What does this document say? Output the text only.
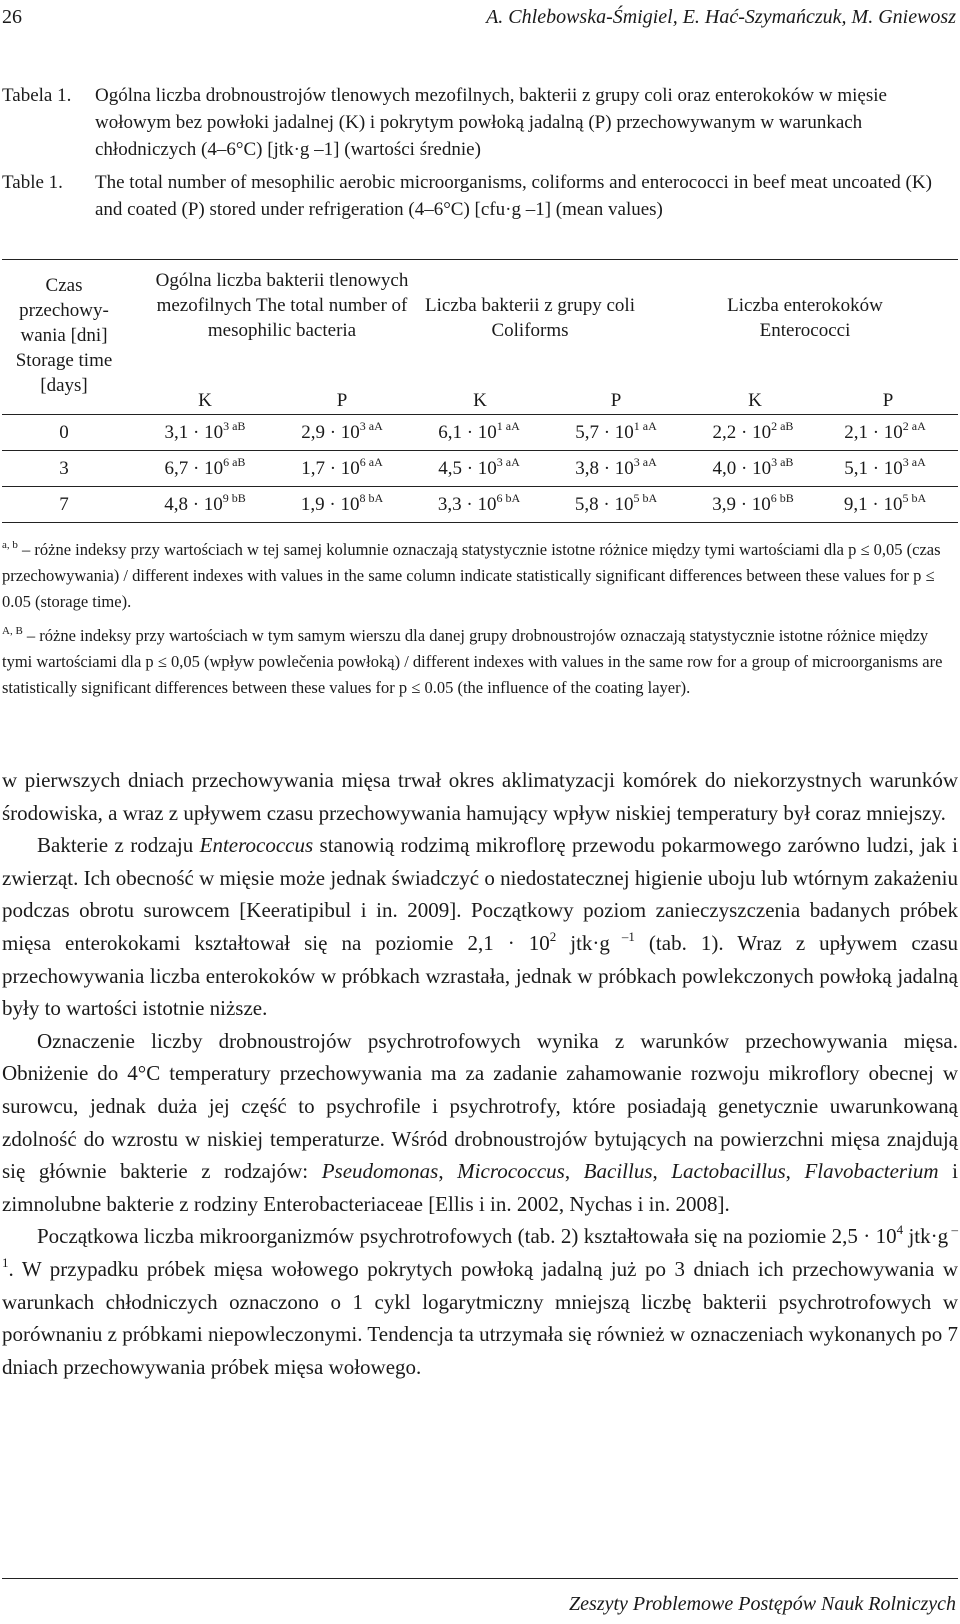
26	A. Chlebowska-Śmigiel, E. Hać-Szymańczuk, M. Gniewosz
Tabela 1. Ogólna liczba drobnoustrojów tlenowych mezofilnych, bakterii z grupy coli oraz enterokoków w mięsie wołowym bez powłoki jadalnej (K) i pokrytym powłoką jadalną (P) przechowywanym w warunkach chłodniczych (4–6°C) [jtk·g –1] (wartości średnie)
Table 1. The total number of mesophilic aerobic microorganisms, coliforms and enterococci in beef meat uncoated (K) and coated (P) stored under refrigeration (4–6°C) [cfu·g –1] (mean values)
Czas przechowy-wania [dni] Storage time [days]
Ogólna liczba bakterii tlenowych mezofilnych The total number of mesophilic bacteria
Liczba bakterii z grupy coli Coliforms
Liczba enterokoków Enterococci
K	P	K	P	K	P
0	$3,1 \cdot 10^{3 aB}$	$2,9 \cdot 10^{3 aA}$	$6,1 \cdot 10^{1 aA}$	$5,7 \cdot 10^{1 aA}$	$2,2 \cdot 10^{2 aB}$	$2,1 \cdot 10^{2 aA}$
3	$6,7 \cdot 10^{6 aB}$	$1,7 \cdot 10^{6 aA}$	$4,5 \cdot 10^{3 aA}$	$3,8 \cdot 10^{3 aA}$	$4,0 \cdot 10^{3 aB}$	$5,1 \cdot 10^{3 aA}$
7	$4,8 \cdot 10^{9 bB}$	$1,9 \cdot 10^{8 bA}$	$3,3 \cdot 10^{6 bA}$	$5,8 \cdot 10^{5 bA}$	$3,9 \cdot 10^{6 bB}$	$9,1 \cdot 10^{5 bA}$
$^{a, b}$ – różne indeksy przy wartościach w tej samej kolumnie oznaczają statystycznie istotne różnice między tymi wartościami dla p ≤ 0,05 (czas przechowywania) / different indexes with values in the same column indicate statistically significant differences between these values for p ≤ 0.05 (storage time).
$^{A, B}$ – różne indeksy przy wartościach w tym samym wierszu dla danej grupy drobnoustrojów oznaczają statystycznie istotne różnice między tymi wartościami dla p ≤ 0,05 (wpływ powlečenia powłoką) / different indexes with values in the same row for a group of microorganisms are statistically significant differences between these values for p ≤ 0.05 (the influence of the coating layer).

w pierwszych dniach przechowywania mięsa trwał okres aklimatyzacji komórek do niekorzystnych warunków środowiska, a wraz z upływem czasu przechowywania hamujący wpływ niskiej temperatury był coraz mniejszy.

Bakterie z rodzaju Enterococcus stanowią rodzimą mikroflorę przewodu pokarmowego zarówno ludzi, jak i zwierząt. Ich obecność w mięsie może jednak świadczyć o niedostatecznej higienie uboju lub wtórnym zakażeniu podczas obrotu surowcem [Keeratipibul i in. 2009]. Początkowy poziom zanieczyszczenia badanych próbek mięsa enterokokami kształtował się na poziomie $2,1 \cdot 10^2$ jtk·g $^{-1}$ (tab. 1). Wraz z upływem czasu przechowywania liczba enterokoków w próbkach wzrastała, jednak w próbkach powlekczonych powłoką jadalną były to wartości istotnie niższe.

Oznaczenie liczby drobnoustrojów psychrotrofowych wynika z warunków przechowywania mięsa. Obniżenie do 4°C temperatury przechowywania ma za zadanie zahamowanie rozwoju mikroflory obecnej w surowcu, jednak duża jej część to psychrofile i psychrotrofy, które posiadają genetycznie uwarunkowaną zdolność do wzrostu w niskiej temperaturze. Wśród drobnoustrojów bytujących na powierzchni mięsa znajdują się głównie bakterie z rodzajów: Pseudomonas, Micrococcus, Bacillus, Lactobacillus, Flavobacterium i zimnolubne bakterie z rodziny Enterobacteriaceae [Ellis i in. 2002, Nychas i in. 2008].

Początkowa liczba mikroorganizmów psychrotrofowych (tab. 2) kształtowała się na poziomie $2,5 \cdot 10^4$ jtk·g $^{-1}$. W przypadku próbek mięsa wołowego pokrytych powłoką jadalną już po 3 dniach ich przechowywania w warunkach chłodniczych oznaczono o 1 cykl logarytmiczny mniejszą liczbę bakterii psychrotrofowych w porównaniu z próbkami niepowleczonymi. Tendencja ta utrzymała się również w oznaczeniach wykonanych po 7 dniach przechowywania próbek mięsa wołowego.

Zeszyty Problemowe Postępów Nauk Rolniczych
